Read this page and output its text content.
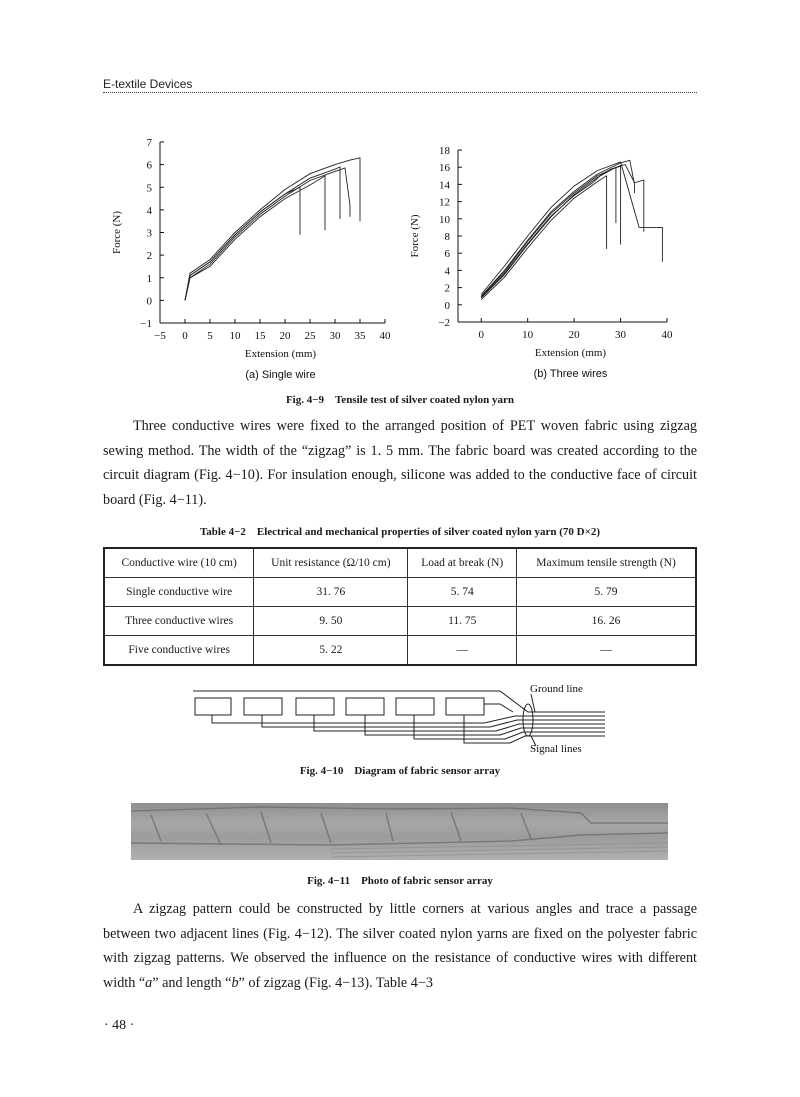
E-textile Devices
−5 0 5 10 15 20 25 30 35 40
−1
0
1
2
3
4
5
6
7
Extension (mm)
Force (N)
(a) Single wire
0	10	20	30	40
−2
0
2
4
6
8
10
12
14
16
18
Extension (mm)
Force (N)
(b) Three wires
Fig. 4−9 Tensile test of silver coated nylon yarn

Three conductive wires were fixed to the arranged position of PET woven fabric using zigzag sewing method. The width of the “zigzag” is 1. 5 mm. The fabric board was created according to the circuit diagram (Fig. 4−10). For insulation enough, silicone was added to the conductive face of circuit board (Fig. 4−11).

Table 4−2 Electrical and mechanical properties of silver coated nylon yarn (70 D×2)
Conductive wire (10 cm)	Unit resistance (Ω/10 cm)	Load at break (N)	Maximum tensile strength (N)
Single conductive wire	31. 76	5. 74	5. 79
Three conductive wires	9. 50	11. 75	16. 26
Five conductive wires	5. 22	—	—
Ground line
Signal lines
Fig. 4−10 Diagram of fabric sensor array
Fig. 4−11 Photo of fabric sensor array

A zigzag pattern could be constructed by little corners at various angles and trace a passage between two adjacent lines (Fig. 4−12). The silver coated nylon yarns are fixed on the polyester fabric with zigzag patterns. We observed the influence on the resistance of conductive wires with different width “a” and length “b” of zigzag (Fig. 4−13). Table 4−3

· 48 ·
